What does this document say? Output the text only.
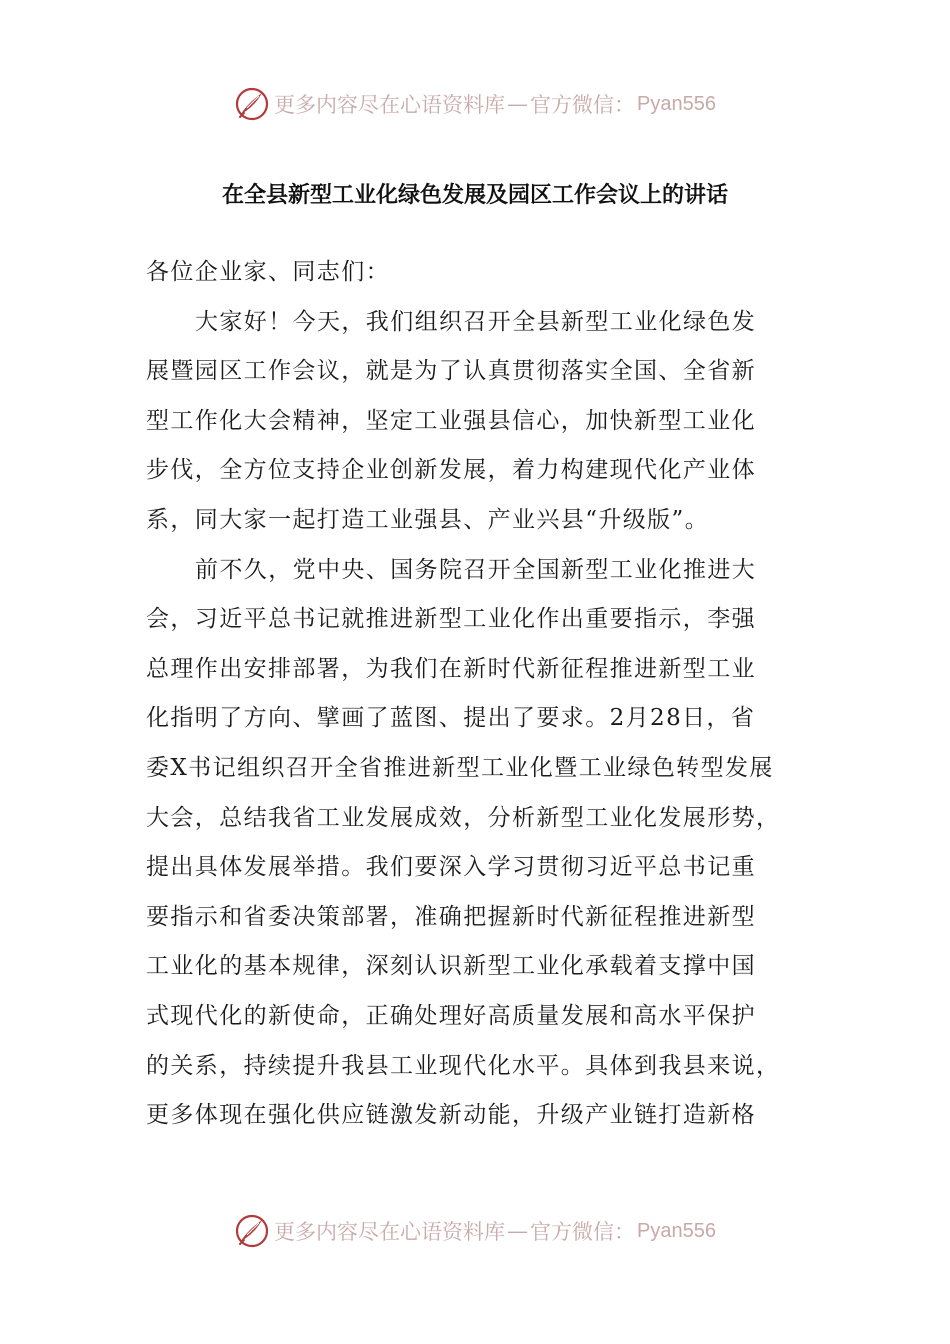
更多内容尽在心语资料库 — 官方微信： Pyan556
在全县新型工业化绿色发展及园区工作会议上的讲话
各位企业家、同志们：
大家好！今天，我们组织召开全县新型工业化绿色发
展暨园区工作会议，就是为了认真贯彻落实全国、全省新
型工作化大会精神，坚定工业强县信心，加快新型工业化
步伐，全方位支持企业创新发展，着力构建现代化产业体
系，同大家一起打造工业强县、产业兴县“升级版”。
前不久，党中央、国务院召开全国新型工业化推进大
会，习近平总书记就推进新型工业化作出重要指示，李强
总理作出安排部署，为我们在新时代新征程推进新型工业
化指明了方向、擘画了蓝图、提出了要求。2月28日，省
委X书记组织召开全省推进新型工业化暨工业绿色转型发展
大会，总结我省工业发展成效，分析新型工业化发展形势，
提出具体发展举措。我们要深入学习贯彻习近平总书记重
要指示和省委决策部署，准确把握新时代新征程推进新型
工业化的基本规律，深刻认识新型工业化承载着支撑中国
式现代化的新使命，正确处理好高质量发展和高水平保护
的关系，持续提升我县工业现代化水平。具体到我县来说，
更多体现在强化供应链激发新动能，升级产业链打造新格
更多内容尽在心语资料库 — 官方微信： Pyan556
